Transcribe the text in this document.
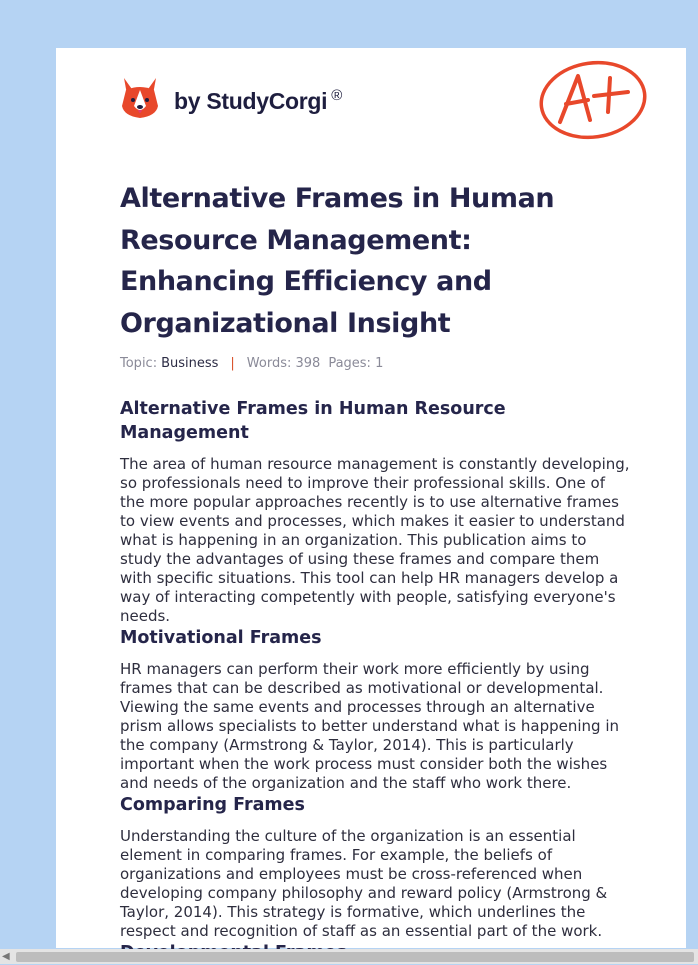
by StudyCorgi ®
Alternative Frames in Human Resource Management: Enhancing Efficiency and Organizational Insight
Topic: Business | Words: 398 Pages: 1
Alternative Frames in Human Resource Management

The area of human resource management is constantly developing, so professionals need to improve their professional skills. One of the more popular approaches recently is to use alternative frames to view events and processes, which makes it easier to understand what is happening in an organization. This publication aims to study the advantages of using these frames and compare them with specific situations. This tool can help HR managers develop a way of interacting competently with people, satisfying everyone's needs.

Motivational Frames

HR managers can perform their work more efficiently by using frames that can be described as motivational or developmental. Viewing the same events and processes through an alternative prism allows specialists to better understand what is happening in the company (Armstrong & Taylor, 2014). This is particularly important when the work process must consider both the wishes and needs of the organization and the staff who work there.

Comparing Frames

Understanding the culture of the organization is an essential element in comparing frames. For example, the beliefs of organizations and employees must be cross-referenced when developing company philosophy and reward policy (Armstrong & Taylor, 2014). This strategy is formative, which underlines the respect and recognition of staff as an essential part of the work.

◀
